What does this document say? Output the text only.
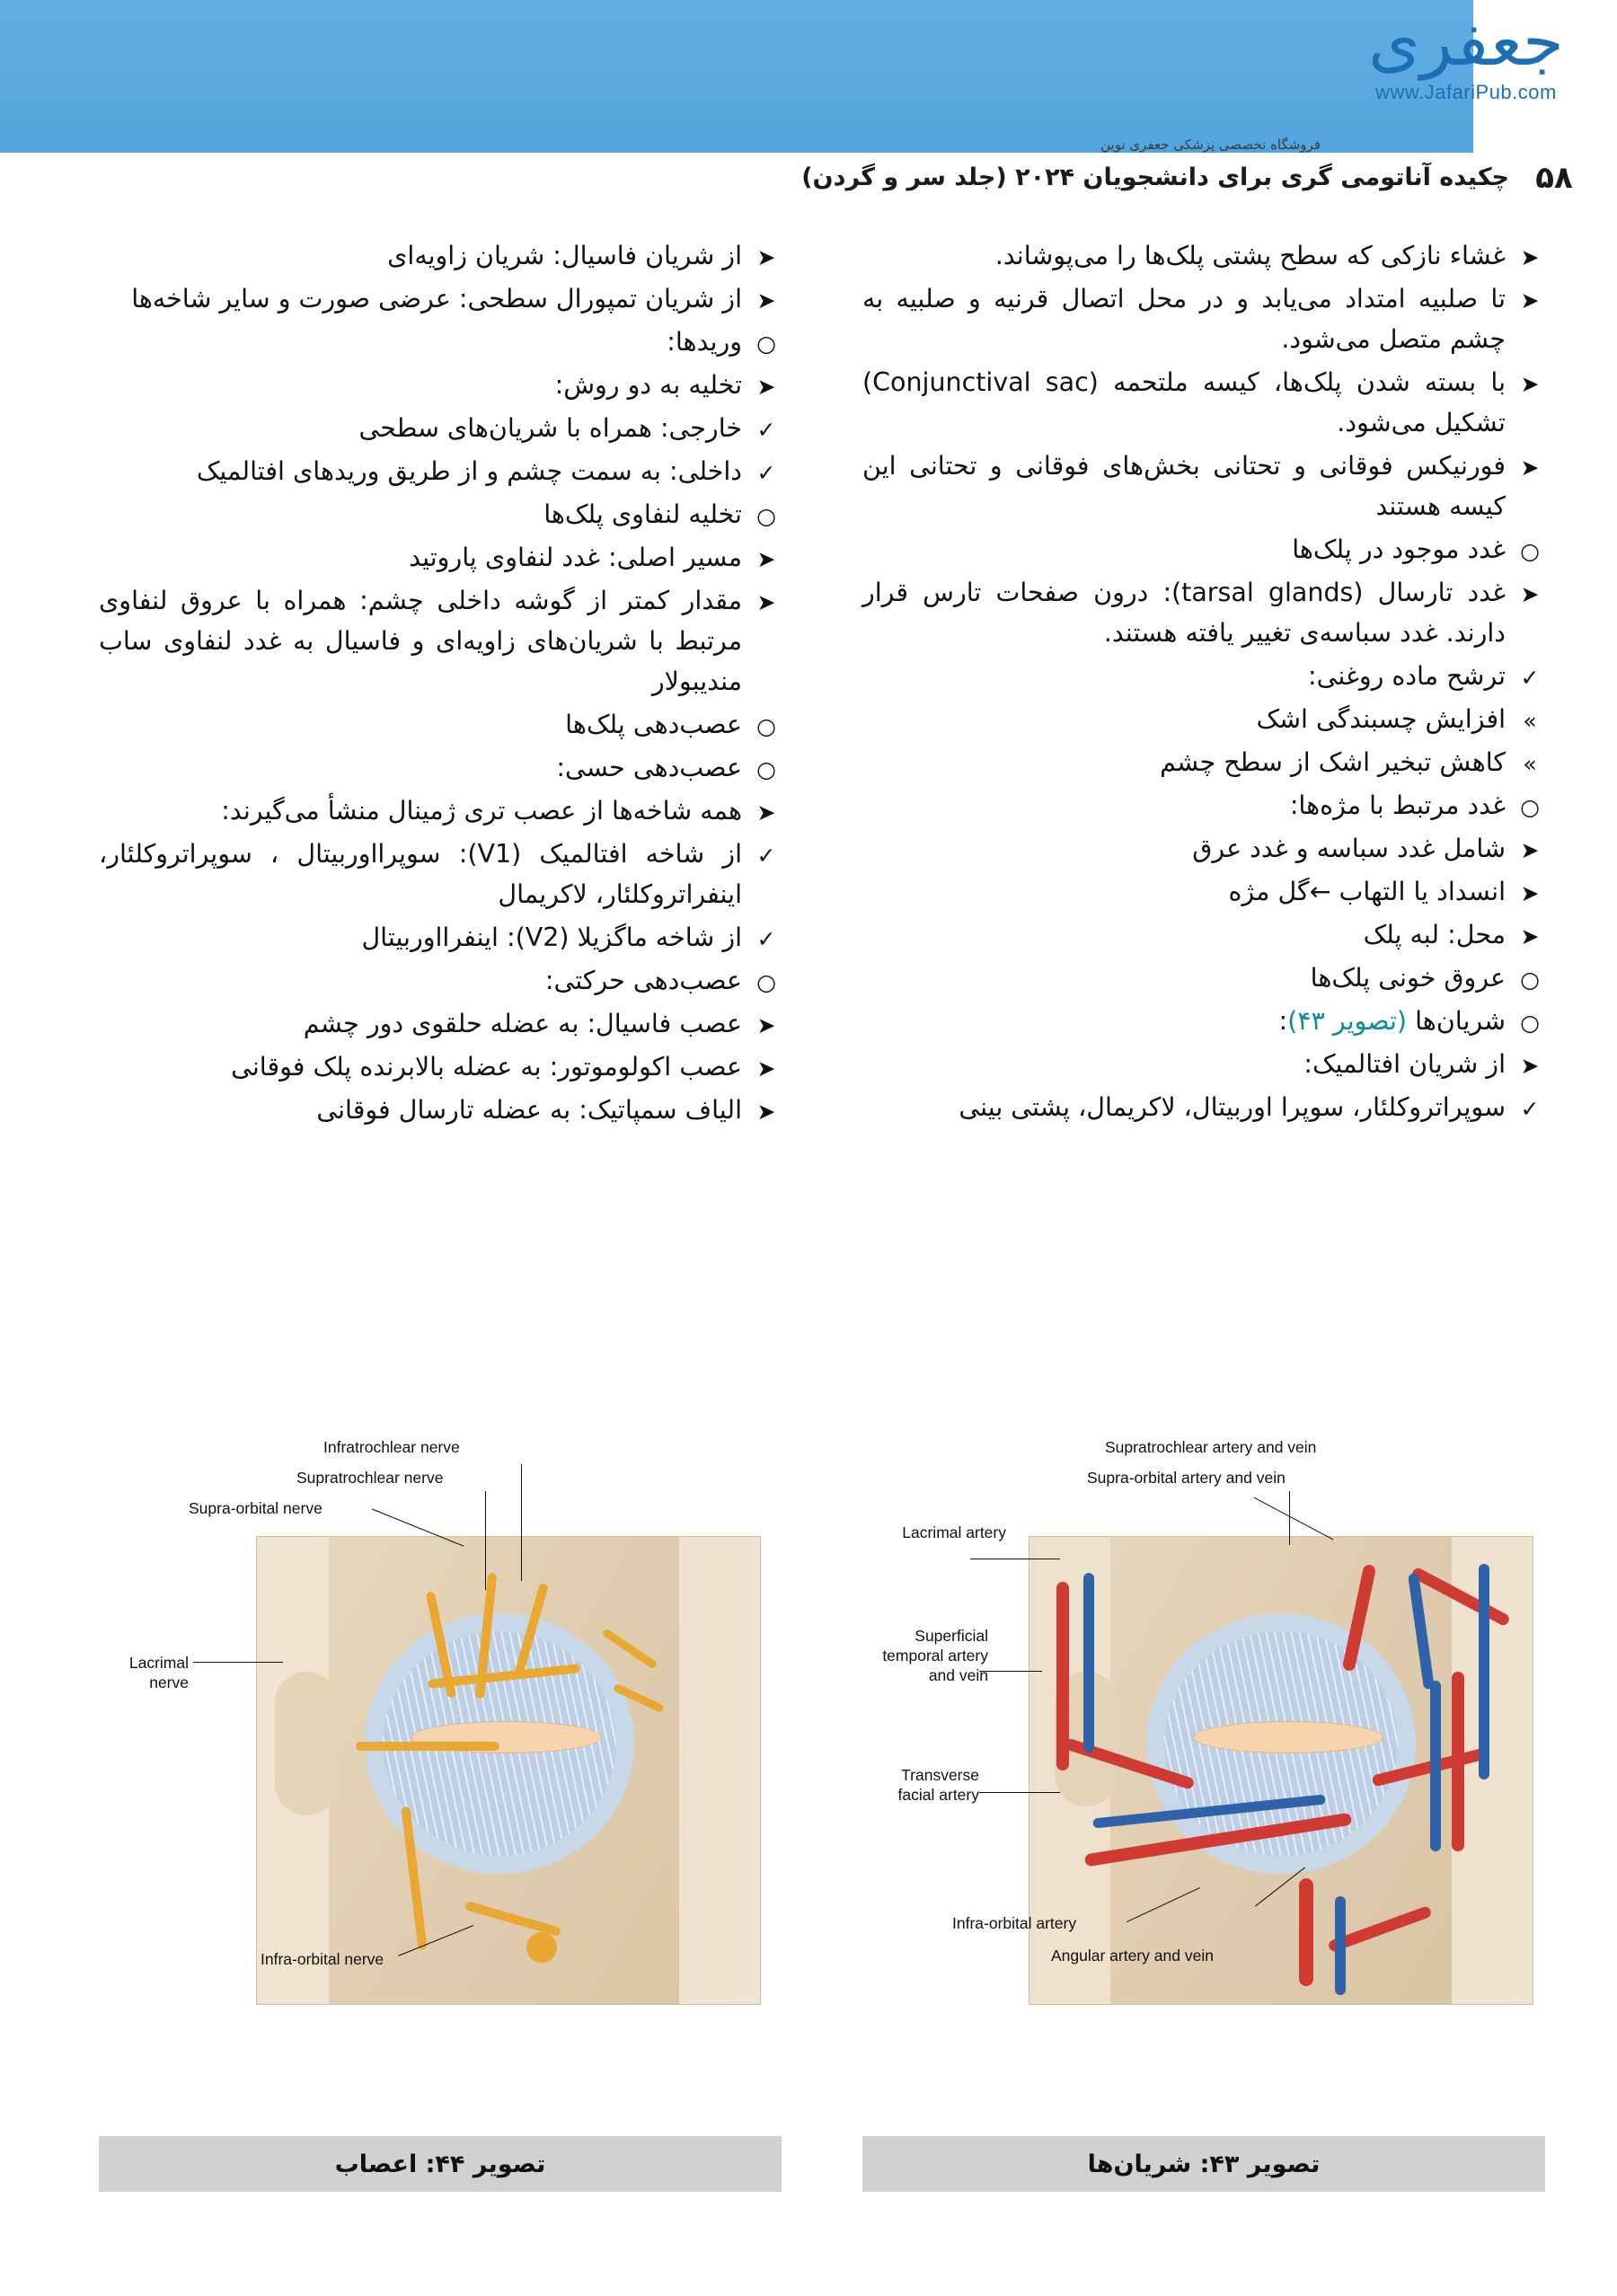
جعفری
www.JafariPub.com
فروشگاه تخصصی پزشکی جعفری نوین
۵۸
چکیده آناتومی گری برای دانشجویان ۲۰۲۴ (جلد سر و گردن)
➤
غشاء نازکی که سطح پشتی پلک‌ها را می‌پوشاند.
➤
تا صلبیه امتداد می‌یابد و در محل اتصال قرنیه و صلبیه به چشم متصل می‌شود.
➤
با بسته شدن پلک‌ها، کیسه ملتحمه (Conjunctival sac) تشکیل می‌شود.
➤
فورنیکس فوقانی و تحتانی بخش‌های فوقانی و تحتانی این کیسه هستند
○
غدد موجود در پلک‌ها
➤
غدد تارسال (tarsal glands): درون صفحات تارس قرار دارند. غدد سباسه‌ی تغییر یافته هستند.
✓
ترشح ماده روغنی:
»
افزایش چسبندگی اشک
»
کاهش تبخیر اشک از سطح چشم
○
غدد مرتبط با مژه‌ها:
➤
شامل غدد سباسه و غدد عرق
➤
انسداد یا التهاب ←گل مژه
➤
محل: لبه پلک
○
عروق خونی پلک‌ها
○
شریان‌ها (تصویر ۴۳):
➤
از شریان افتالمیک:
✓
سوپراتروکلئار، سوپرا اوربیتال، لاکریمال، پشتی بینی
➤
از شریان فاسیال: شریان زاویه‌ای
➤
از شریان تمپورال سطحی: عرضی صورت و سایر شاخه‌ها
○
وریدها:
➤
تخلیه به دو روش:
✓
خارجی: همراه با شریان‌های سطحی
✓
داخلی: به سمت چشم و از طریق وریدهای افتالمیک
○
تخلیه لنفاوی پلک‌ها
➤
مسیر اصلی: غدد لنفاوی پاروتید
➤
مقدار کمتر از گوشه داخلی چشم: همراه با عروق لنفاوی مرتبط با شریان‌های زاویه‌ای و فاسیال به غدد لنفاوی ساب مندیبولار
○
عصب‌دهی پلک‌ها
○
عصب‌دهی حسی:
➤
همه شاخه‌ها از عصب تری ژمینال منشأ می‌گیرند:
✓
از شاخه افتالمیک (V1): سوپرااوربیتال ، سوپراتروکلئار، اینفراتروکلئار، لاکریمال
✓
از شاخه ماگزیلا (V2): اینفرااوربیتال
○
عصب‌دهی حرکتی:
➤
عصب فاسیال: به عضله حلقوی دور چشم
➤
عصب اکولوموتور: به عضله بالابرنده پلک فوقانی
➤
الیاف سمپاتیک: به عضله تارسال فوقانی
Supratrochlear artery and vein
Supra-orbital artery and vein
Lacrimal artery
Superficial temporal artery and vein
Transverse facial artery
Infra-orbital artery
Angular artery and vein
تصویر ۴۳: شریان‌ها
Infratrochlear nerve
Supratrochlear nerve
Supra-orbital nerve
Lacrimal nerve
Infra-orbital nerve
تصویر ۴۴: اعصاب
